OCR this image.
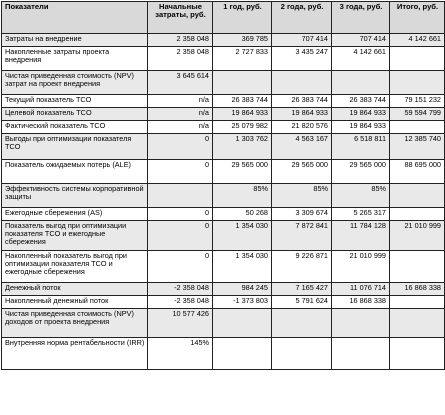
Показатели	Начальные затраты, руб.	1 год, руб.	2 года, руб.	3 года, руб.	Итого, руб.
Затраты на внедрение	2 358 048	369 785	707 414	707 414	4 142 661
Накопленные затраты проекта внедрения	2 358 048	2 727 833	3 435 247	4 142 661	
Чистая приведенная стоимость (NPV) затрат на проект внедрения	3 645 614				
Текущий показатель TCO	n/a	26 383 744	26 383 744	26 383 744	79 151 232
Целевой показатель TCO	n/a	19 864 933	19 864 933	19 864 933	59 594 799
Фактический показатель TCO	n/a	25 079 982	21 820 576	19 864 933	
Выгоды при оптимизации показателя TCO	0	1 303 762	4 563 167	6 518 811	12 385 740
Показатель ожидаемых потерь (ALE)	0	29 565 000	29 565 000	29 565 000	88 695 000
Эффективность системы корпоративной защиты		85%	85%	85%	
Ежегодные сбережения (AS)	0	50 268	3 309 674	5 265 317	
Показатель выгод при оптимизации показателя TCO и ежегодные сбережения	0	1 354 030	7 872 841	11 784 128	21 010 999
Накопленный показатель выгод при оптимизации показателя TCO и ежегодные сбережения	0	1 354 030	9 226 871	21 010 999	
Денежный поток	-2 358 048	984 245	7 165 427	11 076 714	16 868 338
Накопленный денежный поток	-2 358 048	-1 373 803	5 791 624	16 868 338	
Чистая приведенная стоимость (NPV) доходов от проекта внедрения	10 577 426				
Внутренняя норма рентабельности (IRR)	145%				
